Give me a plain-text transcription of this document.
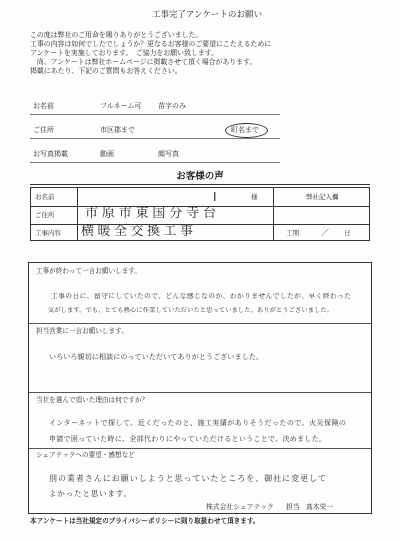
工事完了アンケートのお願い
この度は弊社のご用命を賜りありがとうございました。
工事の内容は如何でしたでしょうか？更なるお客様のご要望にこたえるために
アンケートを実施しております。　ご協力をお願い致します。
　尚、アンケートは弊社ホームページに掲載させて頂く場合があります。
掲載にあたり、下記のご質問もお答えください。
お名前	フルネーム可 苗字のみ
ご住所	市区郡まで	町名まで
お写真掲載	動画	顔写真
お客様の声
お名前	I	様	弊社記入欄
ご住所 市原市東国分寺台
工事内容 横暖全交換工事	工期	／ 日
工事が終わって一言お願いします。
工事の日に、留守にしていたので、どんな感じなのか、わかりませんでしたが、早く終わった
気がします。でも、とても熱心に作業していただいたと思っていました。ありがとうございました。
担当営業に一言お願いします。
いろいろ親切に相談にのっていただいてありがとうございました。
当社を選んで頂いた理由は何ですか？
インターネットで探して、近くだったのと、施工実績がありそうだったので。火災保険の
申請で困っていた時に、全部代わりにやっていただけるということで、決めました。
シェアテックへの要望・感想など
別の業者さんにお願いしようと思っていたところを、御社に変更して
よかったと思います。
株式会社シェアテック 担当 高木栄一
本アンケートは当社規定のプライバシーポリシーに則り取扱わせて頂きます。
